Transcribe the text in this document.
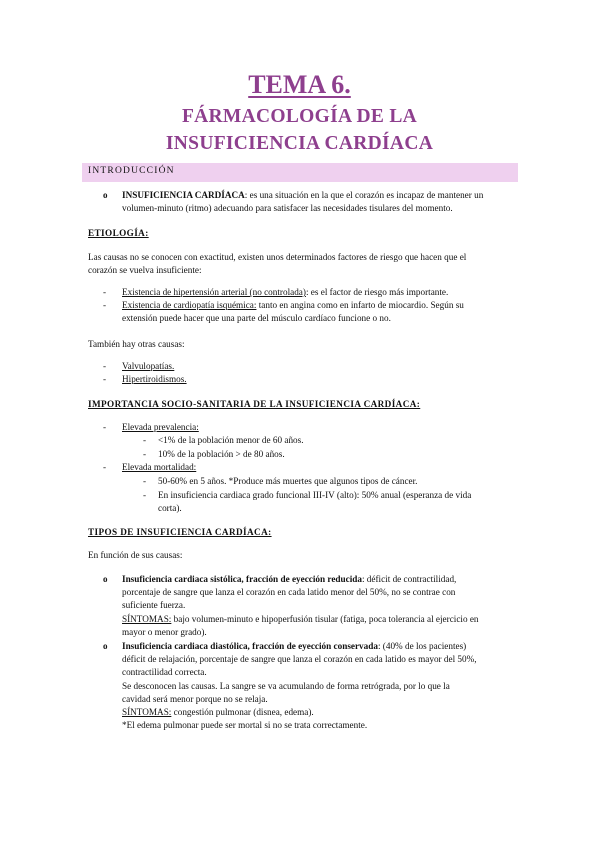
TEMA 6.
FÁRMACOLOGÍA DE LA
INSUFICIENCIA CARDÍACA
INTRODUCCIÓN
o INSUFICIENCIA CARDÍACA: es una situación en la que el corazón es incapaz de mantener un
volumen-minuto (ritmo) adecuando para satisfacer las necesidades tisulares del momento.
ETIOLOGÍA:
Las causas no se conocen con exactitud, existen unos determinados factores de riesgo que hacen que el
corazón se vuelva insuficiente:
- Existencia de hipertensión arterial (no controlada): es el factor de riesgo más importante.
- Existencia de cardiopatía isquémica: tanto en angina como en infarto de miocardio. Según su
extensión puede hacer que una parte del músculo cardíaco funcione o no.
También hay otras causas:
- Valvulopatías.
- Hipertiroidismos.
IMPORTANCIA SOCIO-SANITARIA DE LA INSUFICIENCIA CARDÍACA:
- Elevada prevalencia:
- <1% de la población menor de 60 años.
- 10% de la población > de 80 años.
- Elevada mortalidad:
- 50-60% en 5 años. *Produce más muertes que algunos tipos de cáncer.
- En insuficiencia cardiaca grado funcional III-IV (alto): 50% anual (esperanza de vida
corta).
TIPOS DE INSUFICIENCIA CARDÍACA:
En función de sus causas:
o Insuficiencia cardiaca sistólica, fracción de eyección reducida: déficit de contractilidad,
porcentaje de sangre que lanza el corazón en cada latido menor del 50%, no se contrae con
suficiente fuerza.
SÍNTOMAS: bajo volumen-minuto e hipoperfusión tisular (fatiga, poca tolerancia al ejercicio en
mayor o menor grado).
o Insuficiencia cardiaca diastólica, fracción de eyección conservada: (40% de los pacientes)
déficit de relajación, porcentaje de sangre que lanza el corazón en cada latido es mayor del 50%,
contractilidad correcta.
Se desconocen las causas. La sangre se va acumulando de forma retrógrada, por lo que la
cavidad será menor porque no se relaja.
SÍNTOMAS: congestión pulmonar (disnea, edema).
*El edema pulmonar puede ser mortal si no se trata correctamente.
